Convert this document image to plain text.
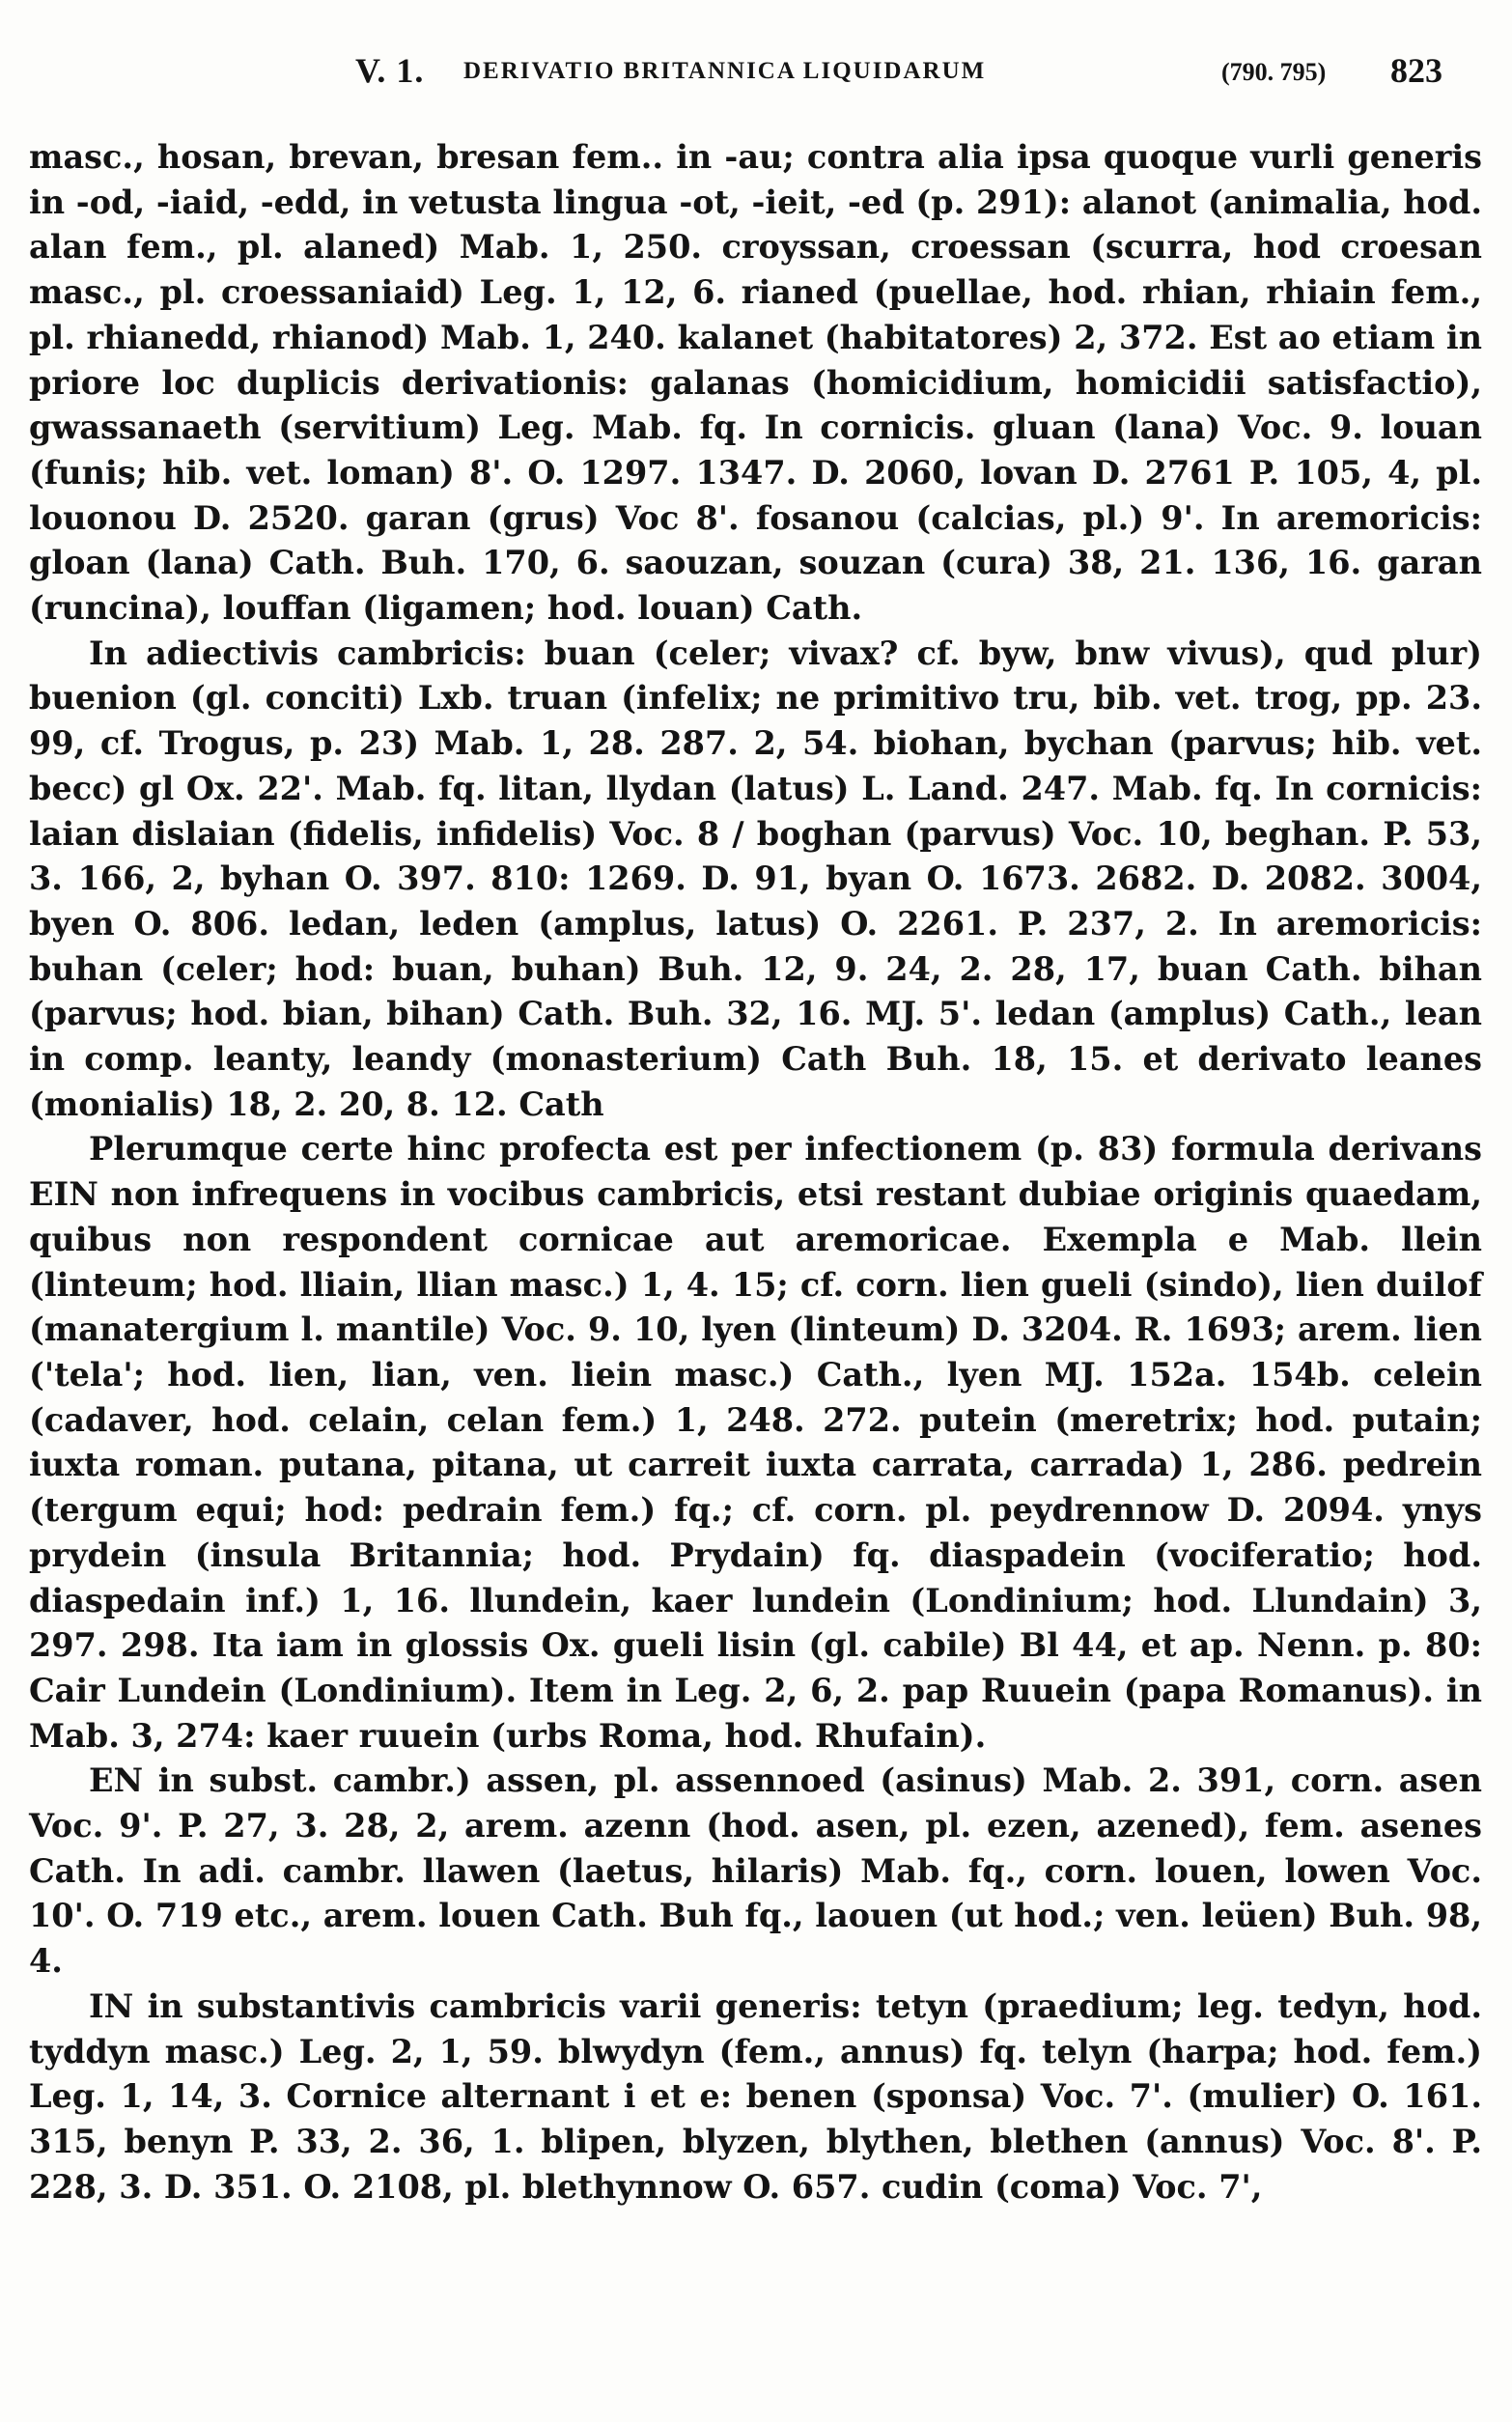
V. 1. DERIVATIO BRITANNICA LIQUIDARUM	(790. 795) 823

masc., hosan, brevan, bresan fem.. in -au; contra alia ipsa quoque vurli generis in -od, -iaid, -edd, in vetusta lingua -ot, -ieit, -ed (p. 291): alanot (animalia, hod. alan fem., pl. alaned) Mab. 1, 250. croyssan, croessan (scurra, hod croesan masc., pl. croessaniaid) Leg. 1, 12, 6. rianed (puellae, hod. rhian, rhiain fem., pl. rhianedd, rhianod) Mab. 1, 240. kalanet (habitatores) 2, 372. Est ao etiam in priore loc duplicis derivationis: galanas (homicidium, homicidii satisfactio), gwassanaeth (servitium) Leg. Mab. fq. In cornicis. gluan (lana) Voc. 9. louan (funis; hib. vet. loman) 8'. O. 1297. 1347. D. 2060, lovan D. 2761 P. 105, 4, pl. louonou D. 2520. garan (grus) Voc 8'. fosanou (calcias, pl.) 9'. In aremoricis: gloan (lana) Cath. Buh. 170, 6. saouzan, souzan (cura) 38, 21. 136, 16. garan (runcina), louffan (ligamen; hod. louan) Cath.

In adiectivis cambricis: buan (celer; vivax? cf. byw, bnw vivus), qud plur) buenion (gl. conciti) Lxb. truan (infelix; ne primitivo tru, bib. vet. trog, pp. 23. 99, cf. Trogus, p. 23) Mab. 1, 28. 287. 2, 54. biohan, bychan (parvus; hib. vet. becc) gl Ox. 22'. Mab. fq. litan, llydan (latus) L. Land. 247. Mab. fq. In cornicis: laian dislaian (fidelis, infidelis) Voc. 8 / boghan (parvus) Voc. 10, beghan. P. 53, 3. 166, 2, byhan O. 397. 810: 1269. D. 91, byan O. 1673. 2682. D. 2082. 3004, byen O. 806. ledan, leden (amplus, latus) O. 2261. P. 237, 2. In aremoricis: buhan (celer; hod: buan, buhan) Buh. 12, 9. 24, 2. 28, 17, buan Cath. bihan (parvus; hod. bian, bihan) Cath. Buh. 32, 16. MJ. 5'. ledan (amplus) Cath., lean in comp. leanty, leandy (monasterium) Cath Buh. 18, 15. et derivato leanes (monialis) 18, 2. 20, 8. 12. Cath

Plerumque certe hinc profecta est per infectionem (p. 83) formula derivans EIN non infrequens in vocibus cambricis, etsi restant dubiae originis quaedam, quibus non respondent cornicae aut aremoricae. Exempla e Mab. llein (linteum; hod. lliain, llian masc.) 1, 4. 15; cf. corn. lien gueli (sindo), lien duilof (manatergium l. mantile) Voc. 9. 10, lyen (linteum) D. 3204. R. 1693; arem. lien ('tela'; hod. lien, lian, ven. liein masc.) Cath., lyen MJ. 152a. 154b. celein (cadaver, hod. celain, celan fem.) 1, 248. 272. putein (meretrix; hod. putain; iuxta roman. putana, pitana, ut carreit iuxta carrata, carrada) 1, 286. pedrein (tergum equi; hod: pedrain fem.) fq.; cf. corn. pl. peydrennow D. 2094. ynys prydein (insula Britannia; hod. Prydain) fq. diaspadein (vociferatio; hod. diaspedain inf.) 1, 16. llundein, kaer lundein (Londinium; hod. Llundain) 3, 297. 298. Ita iam in glossis Ox. gueli lisin (gl. cabile) Bl 44, et ap. Nenn. p. 80: Cair Lundein (Londinium). Item in Leg. 2, 6, 2. pap Ruuein (papa Romanus). in Mab. 3, 274: kaer ruuein (urbs Roma, hod. Rhufain).

EN in subst. cambr.) assen, pl. assennoed (asinus) Mab. 2. 391, corn. asen Voc. 9'. P. 27, 3. 28, 2, arem. azenn (hod. asen, pl. ezen, azened), fem. asenes Cath. In adi. cambr. llawen (laetus, hilaris) Mab. fq., corn. louen, lowen Voc. 10'. O. 719 etc., arem. louen Cath. Buh fq., laouen (ut hod.; ven. leüen) Buh. 98, 4.

IN in substantivis cambricis varii generis: tetyn (praedium; leg. tedyn, hod. tyddyn masc.) Leg. 2, 1, 59. blwydyn (fem., annus) fq. telyn (harpa; hod. fem.) Leg. 1, 14, 3. Cornice alternant i et e: benen (sponsa) Voc. 7'. (mulier) O. 161. 315, benyn P. 33, 2. 36, 1. blipen, blyzen, blythen, blethen (annus) Voc. 8'. P. 228, 3. D. 351. O. 2108, pl. blethynnow O. 657. cudin (coma) Voc. 7',
